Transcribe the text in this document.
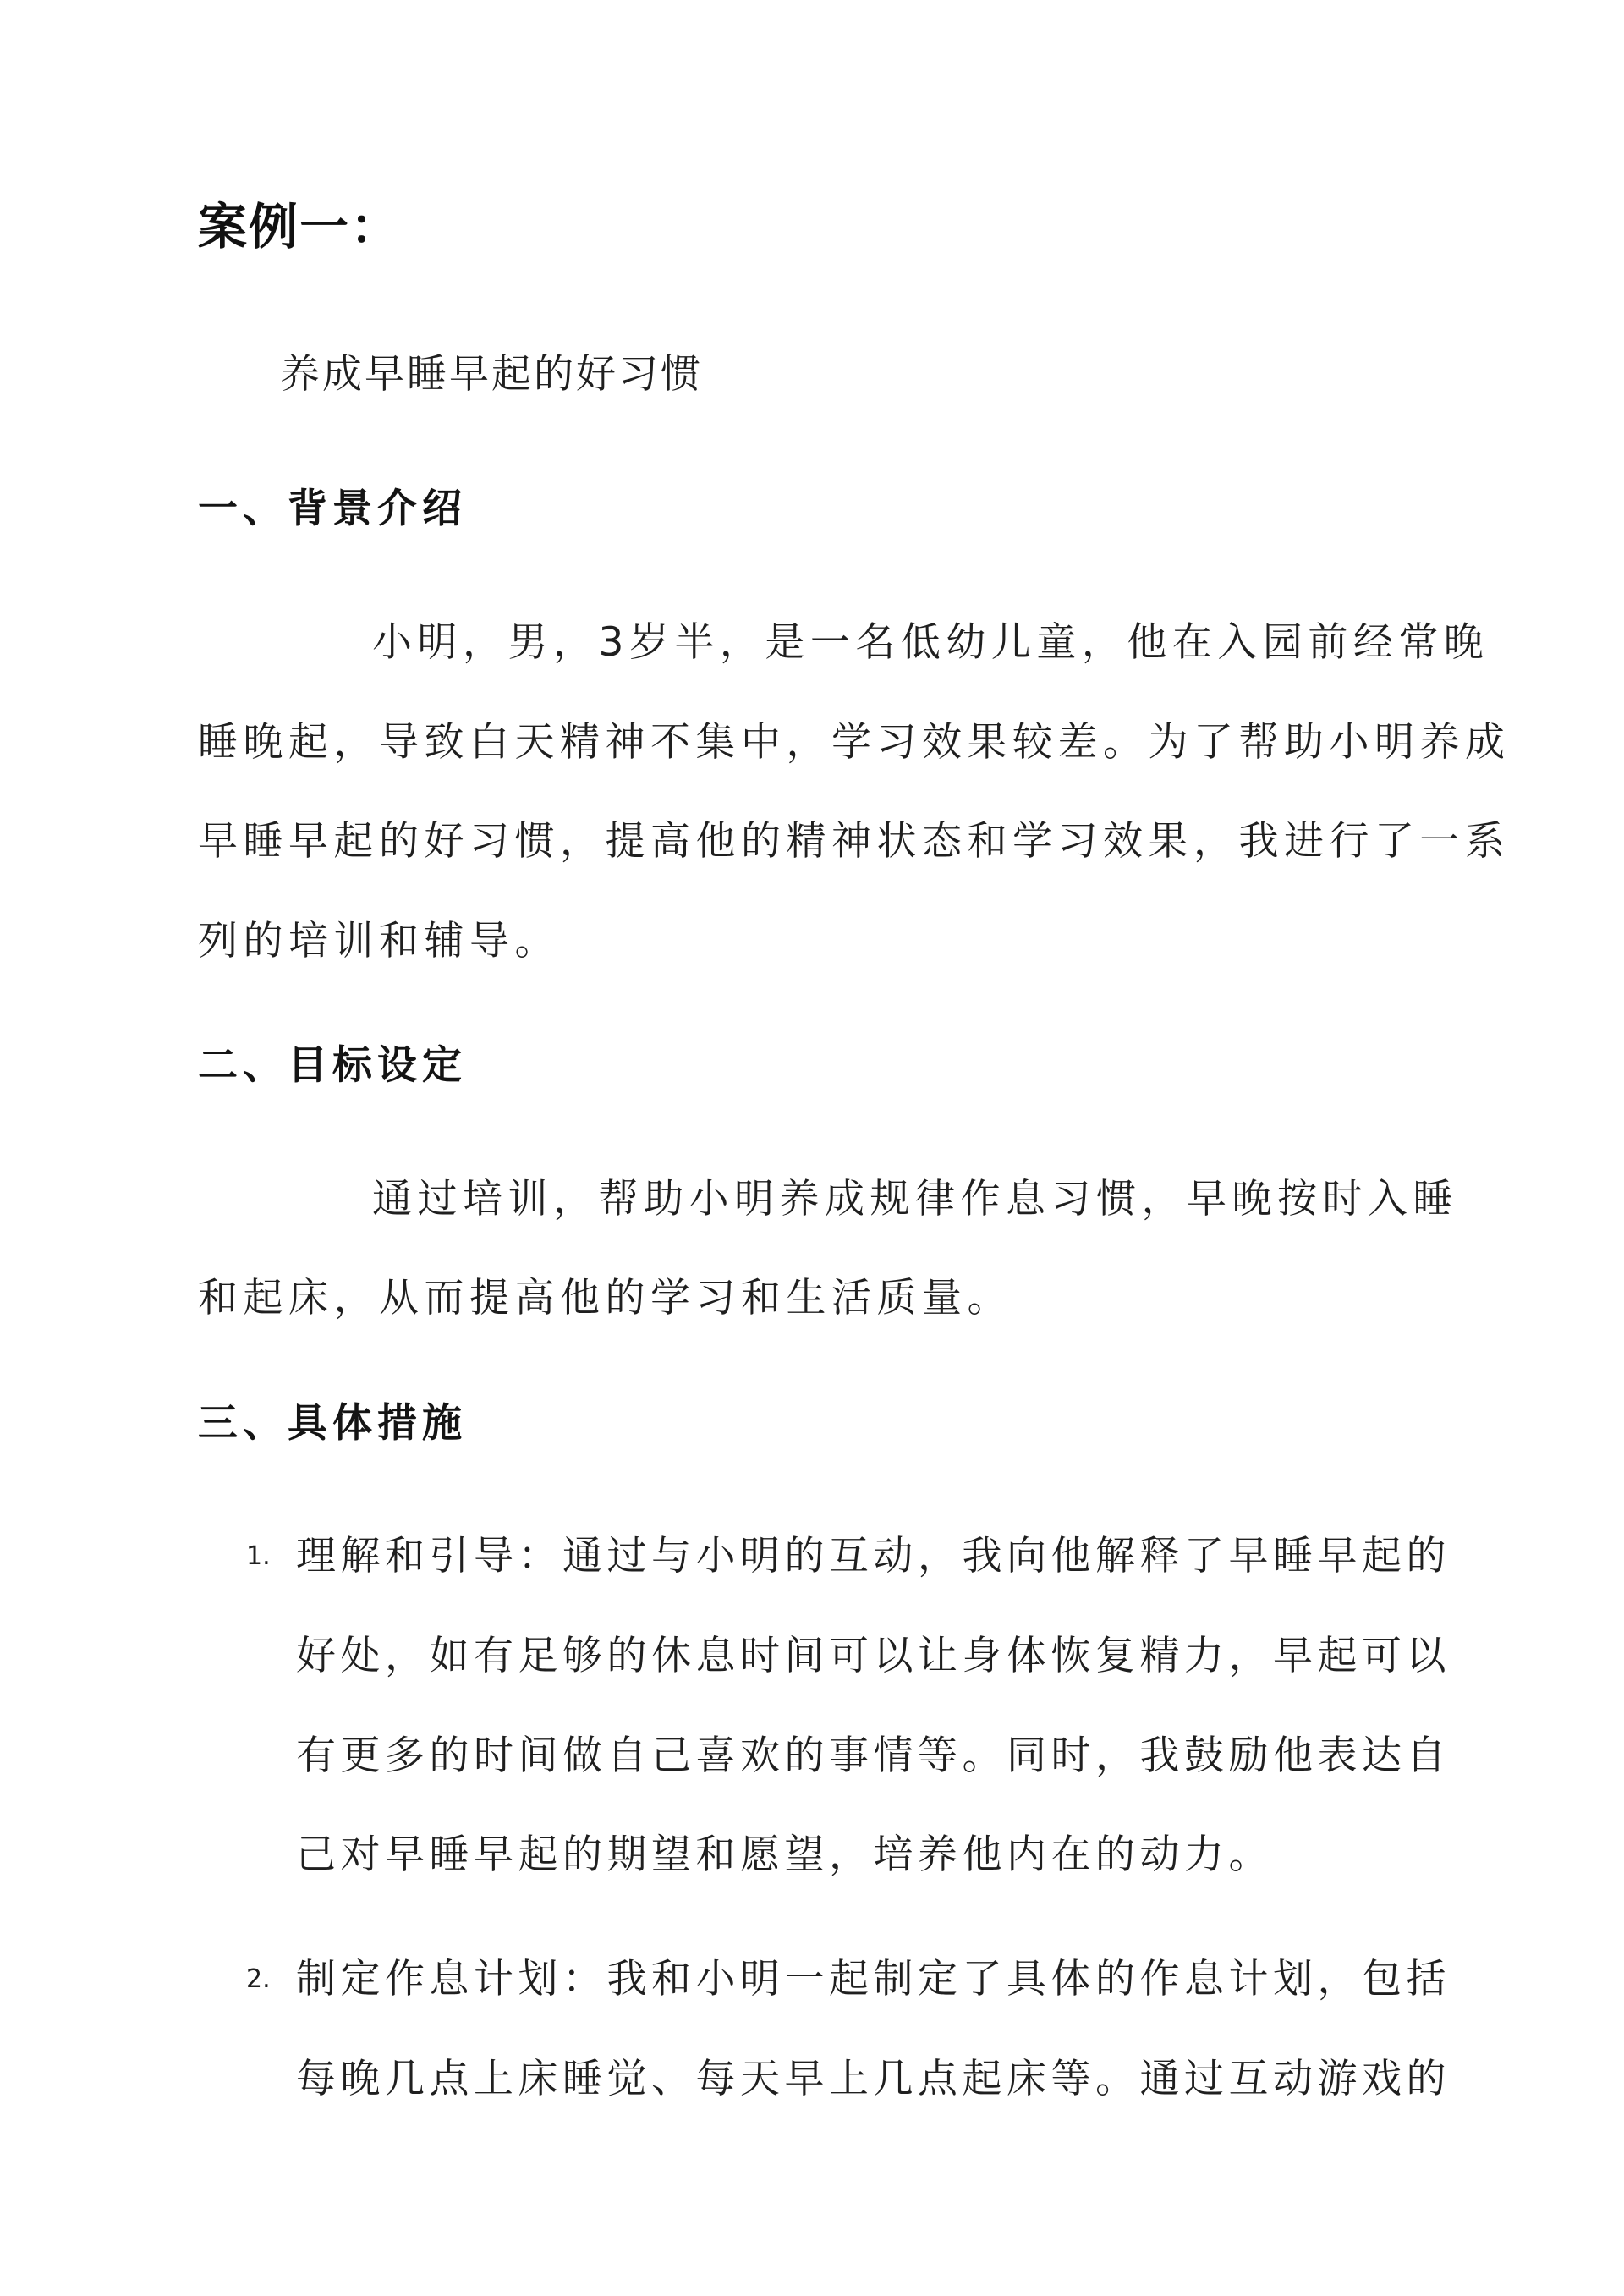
案例一：
养成早睡早起的好习惯
一、背景介绍
小明，男，3岁半，是一名低幼儿童，他在入园前经常晚
睡晚起，导致白天精神不集中，学习效果较差。为了帮助小明养成
早睡早起的好习惯，提高他的精神状态和学习效果，我进行了一系
列的培训和辅导。
二、目标设定
通过培训，帮助小明养成规律作息习惯，早晚按时入睡
和起床，从而提高他的学习和生活质量。
三、具体措施
1. 理解和引导：通过与小明的互动，我向他解释了早睡早起的
好处，如有足够的休息时间可以让身体恢复精力，早起可以
有更多的时间做自己喜欢的事情等。同时，我鼓励他表达自
己对早睡早起的期望和愿望，培养他内在的动力。
2. 制定作息计划：我和小明一起制定了具体的作息计划，包括
每晚几点上床睡觉、每天早上几点起床等。通过互动游戏的
